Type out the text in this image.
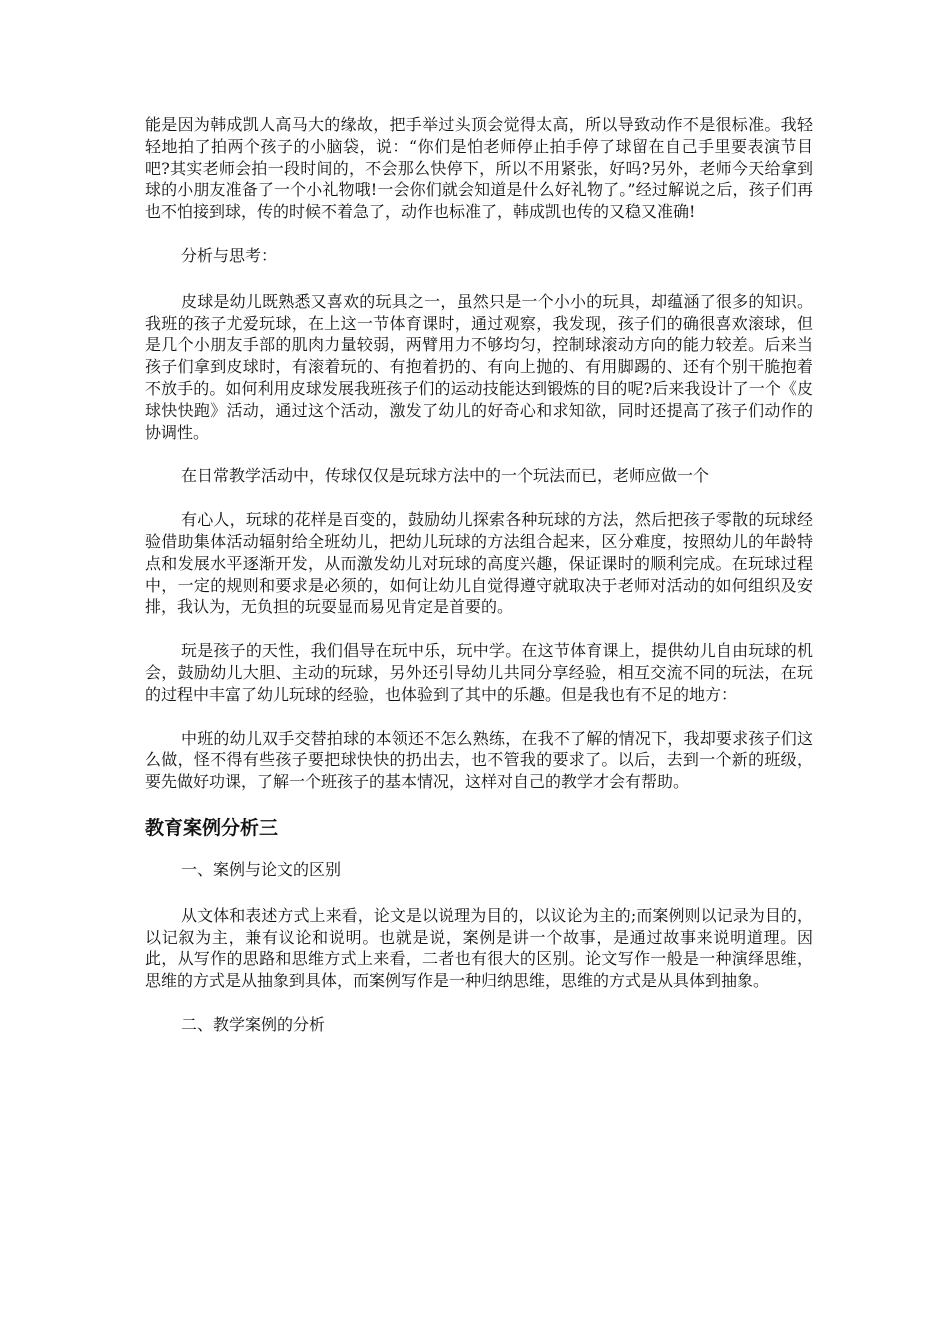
能是因为韩成凯人高马大的缘故，把手举过头顶会觉得太高，所以导致动作不是很标准。我轻轻地拍了拍两个孩子的小脑袋，说：“你们是怕老师停止拍手停了球留在自己手里要表演节目吧?其实老师会拍一段时间的，不会那么快停下，所以不用紧张，好吗?另外，老师今天给拿到球的小朋友准备了一个小礼物哦!一会你们就会知道是什么好礼物了。”经过解说之后，孩子们再也不怕接到球，传的时候不着急了，动作也标准了，韩成凯也传的又稳又准确!

分析与思考：

皮球是幼儿既熟悉又喜欢的玩具之一，虽然只是一个小小的玩具，却蕴涵了很多的知识。我班的孩子尤爱玩球，在上这一节体育课时，通过观察，我发现，孩子们的确很喜欢滚球，但是几个小朋友手部的肌肉力量较弱，两臂用力不够均匀，控制球滚动方向的能力较差。后来当孩子们拿到皮球时，有滚着玩的、有抱着扔的、有向上抛的、有用脚踢的、还有个别干脆抱着不放手的。如何利用皮球发展我班孩子们的运动技能达到锻炼的目的呢?后来我设计了一个《皮球快快跑》活动，通过这个活动，激发了幼儿的好奇心和求知欲，同时还提高了孩子们动作的协调性。

在日常教学活动中，传球仅仅是玩球方法中的一个玩法而已，老师应做一个

有心人，玩球的花样是百变的，鼓励幼儿探索各种玩球的方法，然后把孩子零散的玩球经验借助集体活动辐射给全班幼儿，把幼儿玩球的方法组合起来，区分难度，按照幼儿的年龄特点和发展水平逐渐开发，从而激发幼儿对玩球的高度兴趣，保证课时的顺利完成。在玩球过程中，一定的规则和要求是必须的，如何让幼儿自觉得遵守就取决于老师对活动的如何组织及安排，我认为，无负担的玩耍显而易见肯定是首要的。

玩是孩子的天性，我们倡导在玩中乐，玩中学。在这节体育课上，提供幼儿自由玩球的机会，鼓励幼儿大胆、主动的玩球，另外还引导幼儿共同分享经验，相互交流不同的玩法，在玩的过程中丰富了幼儿玩球的经验，也体验到了其中的乐趣。但是我也有不足的地方：

中班的幼儿双手交替拍球的本领还不怎么熟练，在我不了解的情况下，我却要求孩子们这么做，怪不得有些孩子要把球快快的扔出去，也不管我的要求了。以后，去到一个新的班级，要先做好功课，了解一个班孩子的基本情况，这样对自己的教学才会有帮助。

教育案例分析三

一、案例与论文的区别

从文体和表述方式上来看，论文是以说理为目的，以议论为主的;而案例则以记录为目的，以记叙为主，兼有议论和说明。也就是说，案例是讲一个故事，是通过故事来说明道理。因此，从写作的思路和思维方式上来看，二者也有很大的区别。论文写作一般是一种演绎思维，思维的方式是从抽象到具体，而案例写作是一种归纳思维，思维的方式是从具体到抽象。

二、教学案例的分析
